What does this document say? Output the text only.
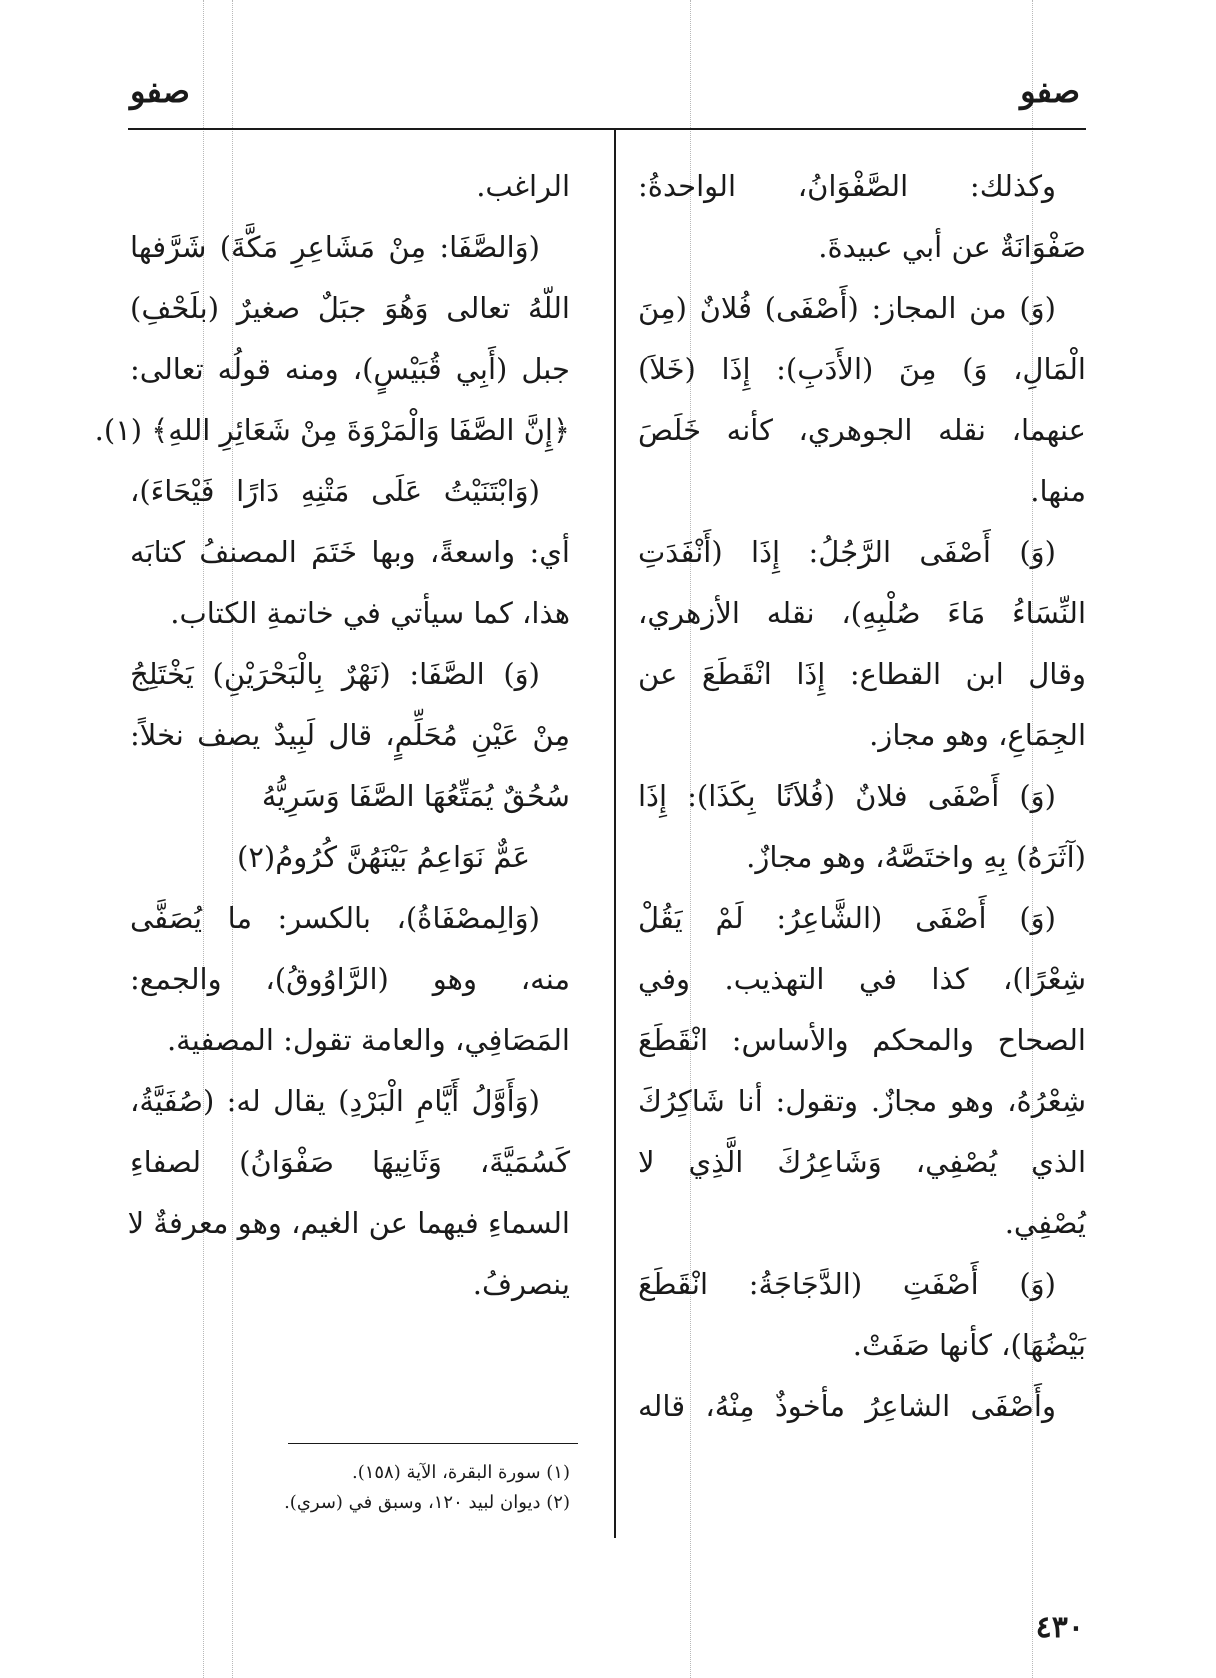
صفو
صفو
وكذلك: الصَّفْوَانُ، الواحدةُ:
صَفْوَانَةٌ عن أبي عبيدةَ.
(وَ) من المجاز: (أَصْفَى) فُلانٌ (مِنَ
الْمَالِ، وَ) مِنَ (الأَدَبِ): إِذَا (خَلاَ)
عنهما، نقله الجوهري، كأنه خَلَصَ
منها.
(وَ) أَصْفَى الرَّجُلُ: إِذَا (أَنْفَدَتِ
النِّسَاءُ مَاءَ صُلْبِهِ)، نقله الأزهري،
وقال ابن القطاع: إِذَا انْقَطَعَ عن
الجِمَاعِ، وهو مجاز.
(وَ) أَصْفَى فلانٌ (فُلاَنًا بِكَذَا): إِذَا
(آثَرَهُ) بِهِ واختَصَّهُ، وهو مجازٌ.
(وَ) أَصْفَى (الشَّاعِرُ: لَمْ يَقُلْ
شِعْرًا)، كذا في التهذيب. وفي
الصحاح والمحكم والأساس: انْقَطَعَ
شِعْرُهُ، وهو مجازٌ. وتقول: أنا شَاكِرُكَ
الذي يُصْفِي، وَشَاعِرُكَ الَّذِي لا
يُصْفِي.
(وَ) أَصْفَتِ (الدَّجَاجَةُ: انْقَطَعَ
بَيْضُهَا)، كأنها صَفَتْ.
وأَصْفَى الشاعِرُ مأخوذٌ مِنْهُ، قاله
الراغب.
(وَالصَّفَا: مِنْ مَشَاعِرِ مَكَّةَ) شَرَّفها
اللّهُ تعالى وَهُوَ جبَلٌ صغيرٌ (بلَحْفِ)
جبل (أَبِي قُبَيْسٍ)، ومنه قولُه تعالى:
﴿إِنَّ الصَّفَا وَالْمَرْوَةَ مِنْ شَعَائِرِ اللهِ﴾ (١).
(وَابْتَنَيْتُ عَلَى مَتْنِهِ دَارًا فَيْحَاءَ)،
أي: واسعةً، وبها خَتَمَ المصنفُ كتابَه
هذا، كما سيأتي في خاتمةِ الكتاب.
(وَ) الصَّفَا: (نَهْرٌ بِالْبَحْرَيْنِ) يَخْتَلِجُ
مِنْ عَيْنِ مُحَلِّمٍ، قال لَبِيدٌ يصف نخلاً:
سُحُقٌ يُمَتِّعُهَا الصَّفَا وَسَرِيُّهُ
عَمٌّ نَوَاعِمُ بَيْنَهُنَّ كُرُومُ(٢)
(وَالِمصْفَاةُ)، بالكسر: ما يُصَفَّى
منه، وهو (الرَّاوُوقُ)، والجمع:
المَصَافِي، والعامة تقول: المصفية.
(وَأَوَّلُ أَيَّامِ الْبَرْدِ) يقال له: (صُفَيَّةُ،
كَسُمَيَّةَ، وَثَانِيهَا صَفْوَانُ) لصفاءِ
السماءِ فيهما عن الغيم، وهو معرفةٌ لا
ينصرفُ.
(١) سورة البقرة، الآية (١٥٨).
(٢) ديوان لبيد ١٢٠، وسبق في (سري).
٤٣٠
